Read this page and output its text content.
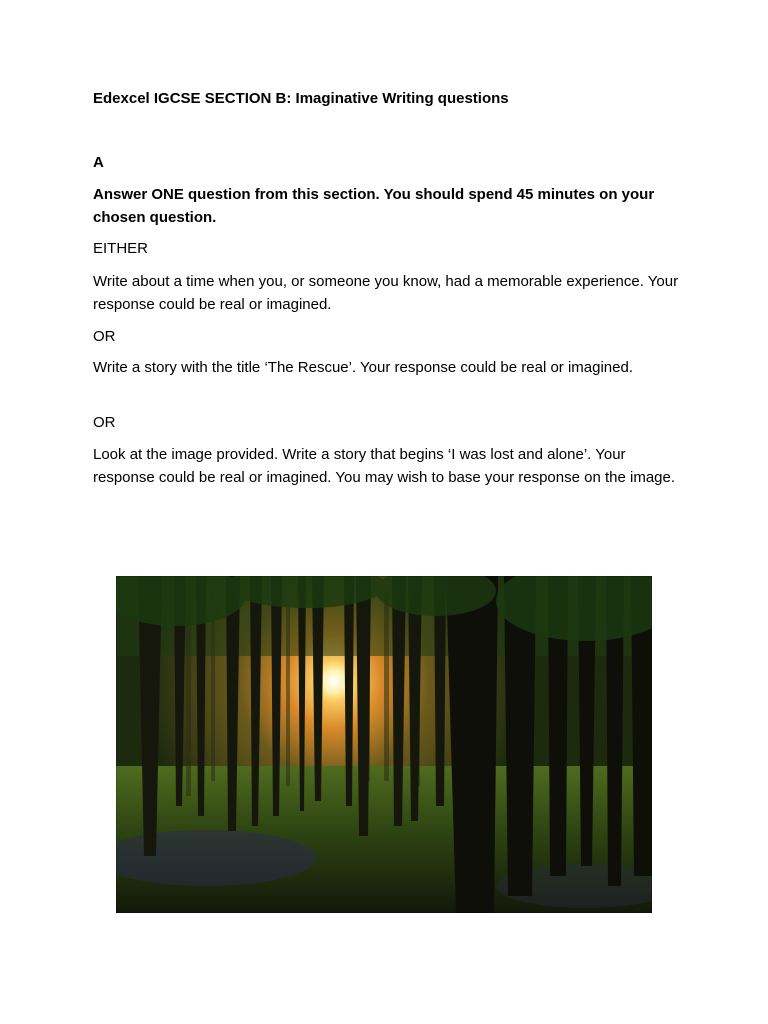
Edexcel IGCSE SECTION B: Imaginative Writing questions
A
Answer ONE question from this section. You should spend 45 minutes on your chosen question.
EITHER
Write about a time when you, or someone you know, had a memorable experience. Your response could be real or imagined.
OR
Write a story with the title ‘The Rescue’. Your response could be real or imagined.
OR
Look at the image provided. Write a story that begins ‘I was lost and alone’. Your response could be real or imagined. You may wish to base your response on the image.
